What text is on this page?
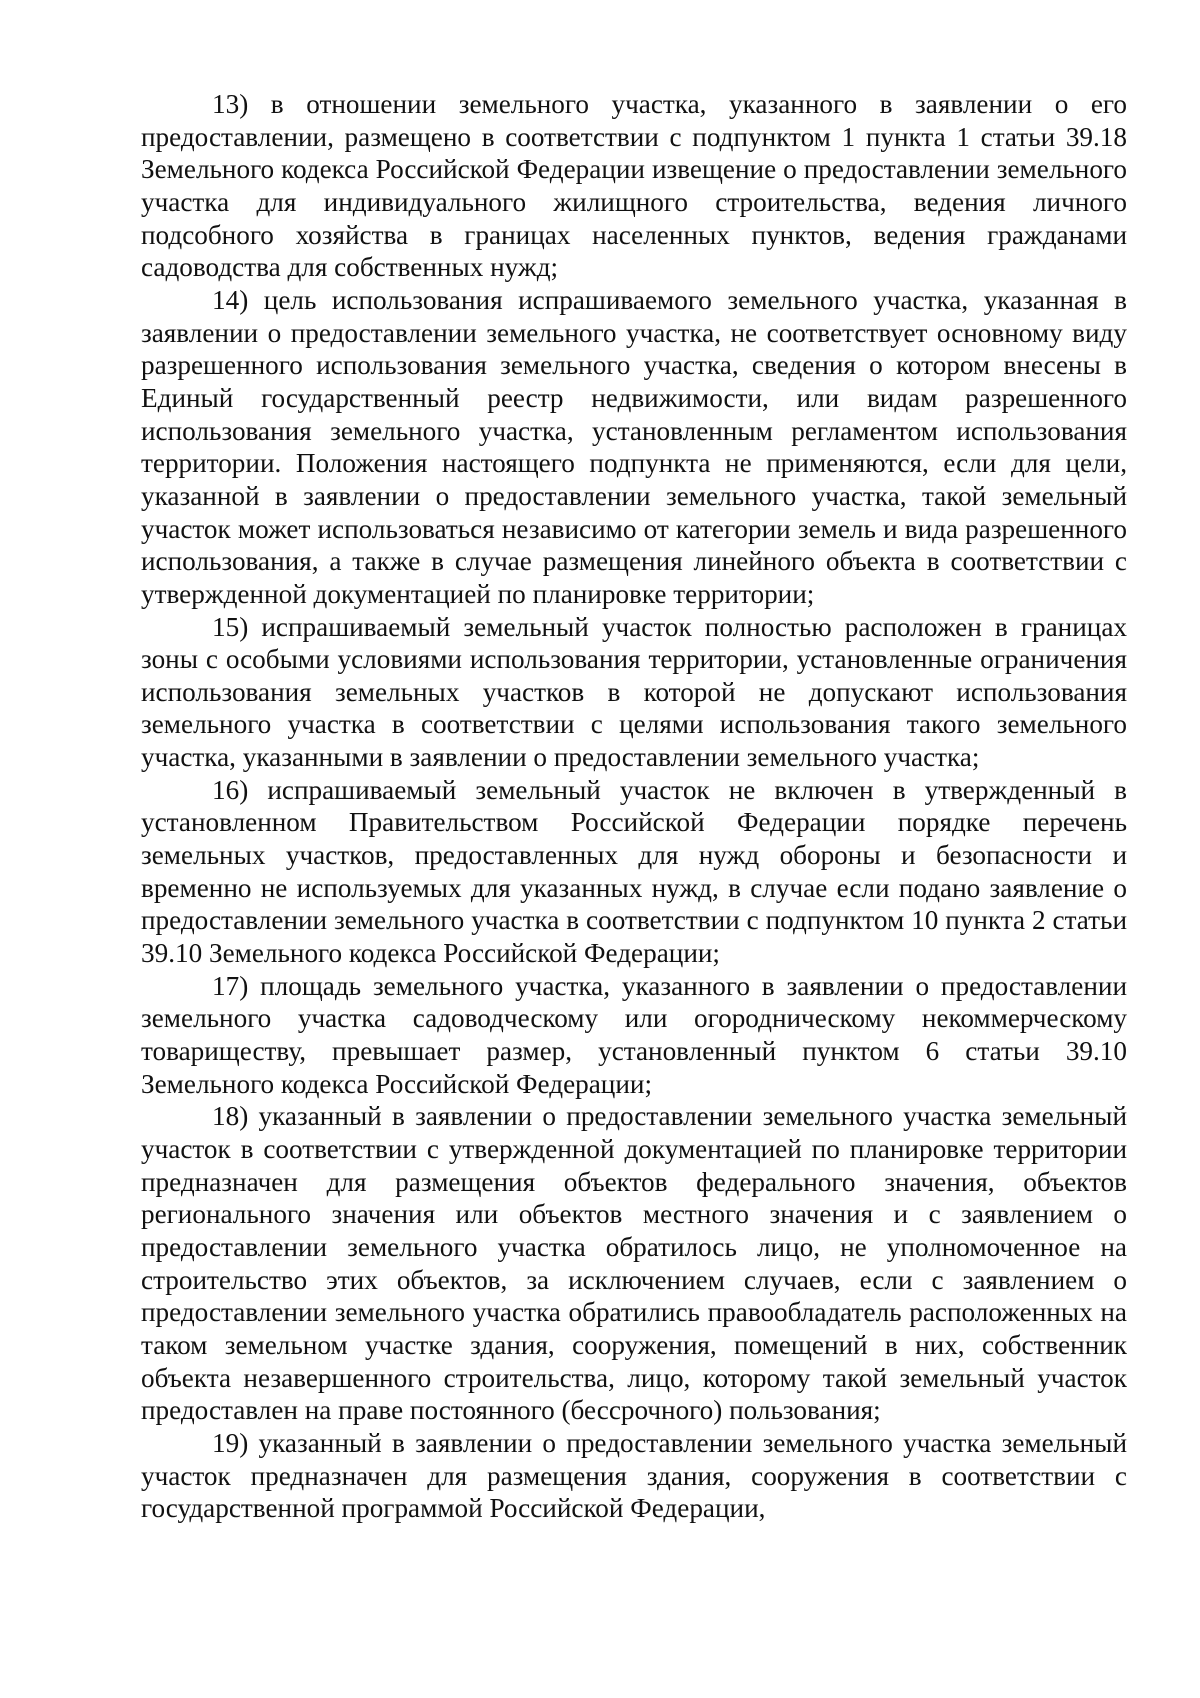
13) в отношении земельного участка, указанного в заявлении о его предоставлении, размещено в соответствии с подпунктом 1 пункта 1 статьи 39.18 Земельного кодекса Российской Федерации извещение о предоставлении земельного участка для индивидуального жилищного строительства, ведения личного подсобного хозяйства в границах населенных пунктов, ведения гражданами садоводства для собственных нужд;

14) цель использования испрашиваемого земельного участка, указанная в заявлении о предоставлении земельного участка, не соответствует основному виду разрешенного использования земельного участка, сведения о котором внесены в Единый государственный реестр недвижимости, или видам разрешенного использования земельного участка, установленным регламентом использования территории. Положения настоящего подпункта не применяются, если для цели, указанной в заявлении о предоставлении земельного участка, такой земельный участок может использоваться независимо от категории земель и вида разрешенного использования, а также в случае размещения линейного объекта в соответствии с утвержденной документацией по планировке территории;

15) испрашиваемый земельный участок полностью расположен в границах зоны с особыми условиями использования территории, установленные ограничения использования земельных участков в которой не допускают использования земельного участка в соответствии с целями использования такого земельного участка, указанными в заявлении о предоставлении земельного участка;

16) испрашиваемый земельный участок не включен в утвержденный в установленном Правительством Российской Федерации порядке перечень земельных участков, предоставленных для нужд обороны и безопасности и временно не используемых для указанных нужд, в случае если подано заявление о предоставлении земельного участка в соответствии с подпунктом 10 пункта 2 статьи 39.10 Земельного кодекса Российской Федерации;

17) площадь земельного участка, указанного в заявлении о предоставлении земельного участка садоводческому или огородническому некоммерческому товариществу, превышает размер, установленный пунктом 6 статьи 39.10 Земельного кодекса Российской Федерации;

18) указанный в заявлении о предоставлении земельного участка земельный участок в соответствии с утвержденной документацией по планировке территории предназначен для размещения объектов федерального значения, объектов регионального значения или объектов местного значения и с заявлением о предоставлении земельного участка обратилось лицо, не уполномоченное на строительство этих объектов, за исключением случаев, если с заявлением о предоставлении земельного участка обратились правообладатель расположенных на таком земельном участке здания, сооружения, помещений в них, собственник объекта незавершенного строительства, лицо, которому такой земельный участок предоставлен на праве постоянного (бессрочного) пользования;

19) указанный в заявлении о предоставлении земельного участка земельный участок предназначен для размещения здания, сооружения в соответствии с государственной программой Российской Федерации,
